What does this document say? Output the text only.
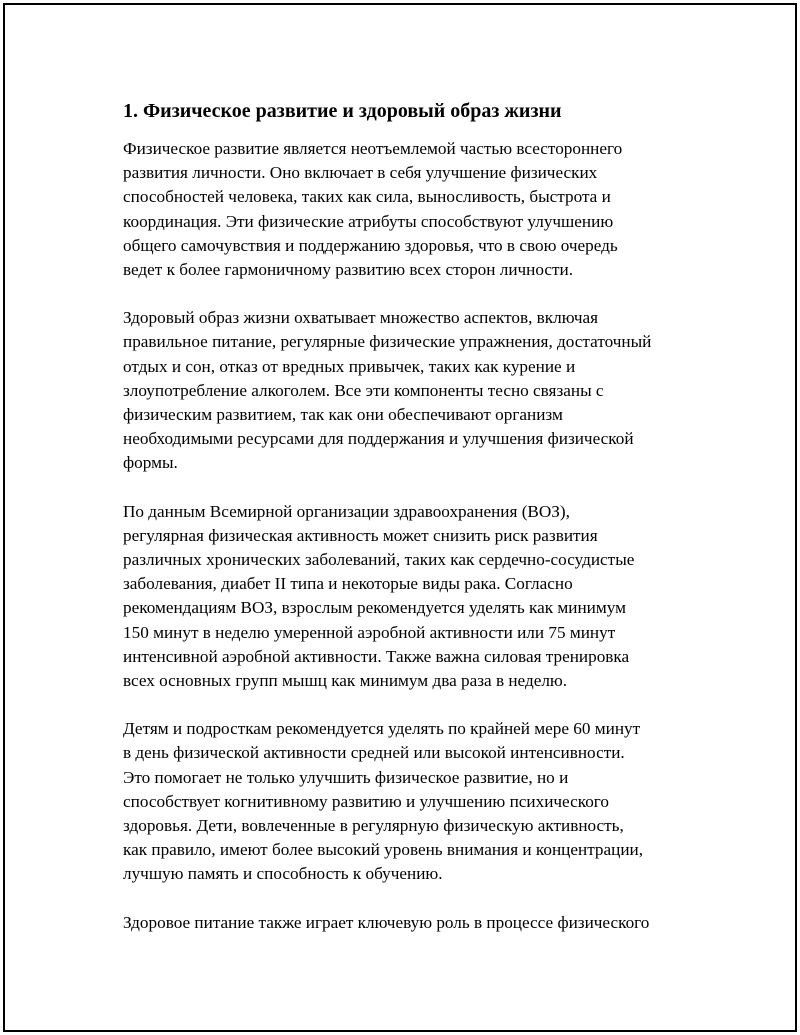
1. Физическое развитие и здоровый образ жизни

Физическое развитие является неотъемлемой частью всестороннего
развития личности. Оно включает в себя улучшение физических
способностей человека, таких как сила, выносливость, быстрота и
координация. Эти физические атрибуты способствуют улучшению
общего самочувствия и поддержанию здоровья, что в свою очередь
ведет к более гармоничному развитию всех сторон личности.

Здоровый образ жизни охватывает множество аспектов, включая
правильное питание, регулярные физические упражнения, достаточный
отдых и сон, отказ от вредных привычек, таких как курение и
злоупотребление алкоголем. Все эти компоненты тесно связаны с
физическим развитием, так как они обеспечивают организм
необходимыми ресурсами для поддержания и улучшения физической
формы.

По данным Всемирной организации здравоохранения (ВОЗ),
регулярная физическая активность может снизить риск развития
различных хронических заболеваний, таких как сердечно-сосудистые
заболевания, диабет II типа и некоторые виды рака. Согласно
рекомендациям ВОЗ, взрослым рекомендуется уделять как минимум
150 минут в неделю умеренной аэробной активности или 75 минут
интенсивной аэробной активности. Также важна силовая тренировка
всех основных групп мышц как минимум два раза в неделю.

Детям и подросткам рекомендуется уделять по крайней мере 60 минут
в день физической активности средней или высокой интенсивности.
Это помогает не только улучшить физическое развитие, но и
способствует когнитивному развитию и улучшению психического
здоровья. Дети, вовлеченные в регулярную физическую активность,
как правило, имеют более высокий уровень внимания и концентрации,
лучшую память и способность к обучению.

Здоровое питание также играет ключевую роль в процессе физического
